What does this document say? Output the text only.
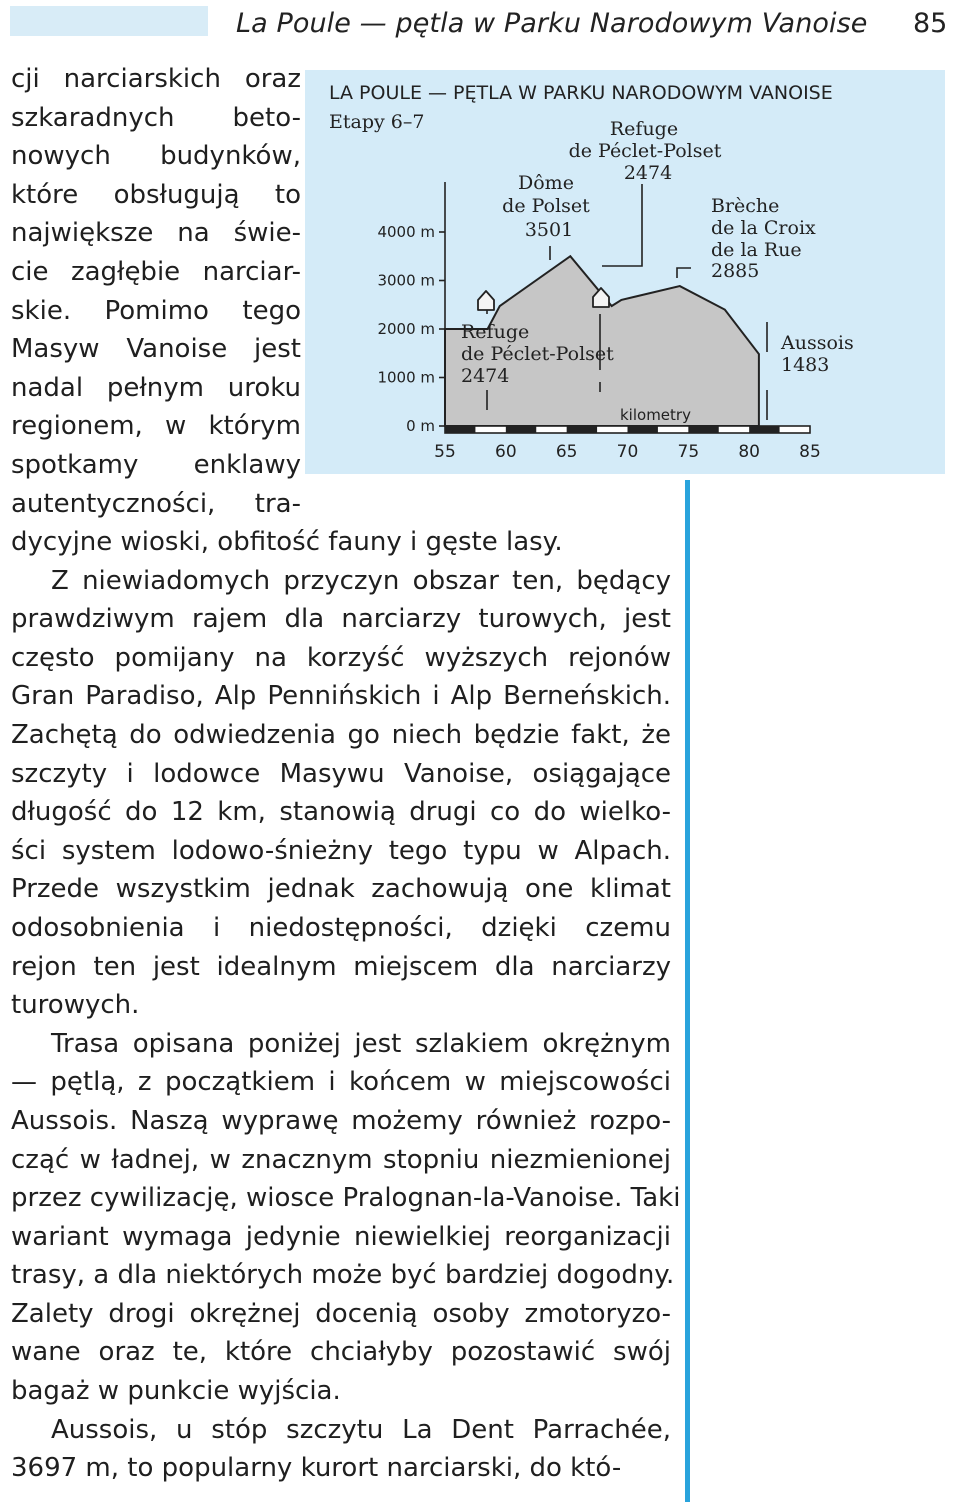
La Poule — pętla w Parku Narodowym Vanoise 85
LA POULE — PĘTLA W PARKU NARODOWYM VANOISE
Etapy 6–7
55 60 65 70 75 80 85
0 m
1000 m
2000 m
3000 m
4000 m
Refuge de Péclet-Polset 2474
Dôme de Polset 3501
Brèche de la Croix de la Rue 2885
Aussois 1483
Refuge de Péclet-Polset 2474
kilometry
cji narciarskich oraz
szkaradnych beto-
nowych budynków,
które obsługują to
największe na świe-
cie zagłębie narciar-
skie. Pomimo tego
Masyw Vanoise jest
nadal pełnym uroku
regionem, w którym
spotkamy enklawy
autentyczności, tra-
dycyjne wioski, obfitość fauny i gęste lasy.
Z niewiadomych przyczyn obszar ten, będący
prawdziwym rajem dla narciarzy turowych, jest
często pomijany na korzyść wyższych rejonów
Gran Paradiso, Alp Pennińskich i Alp Berneńskich.
Zachętą do odwiedzenia go niech będzie fakt, że
szczyty i lodowce Masywu Vanoise, osiągające
długość do 12 km, stanowią drugi co do wielko-
ści system lodowo-śnieżny tego typu w Alpach.
Przede wszystkim jednak zachowują one klimat
odosobnienia i niedostępności, dzięki czemu
rejon ten jest idealnym miejscem dla narciarzy
turowych.
Trasa opisana poniżej jest szlakiem okrężnym
— pętlą, z początkiem i końcem w miejscowości
Aussois. Naszą wyprawę możemy również rozpo-
cząć w ładnej, w znacznym stopniu niezmienionej
przez cywilizację, wiosce Pralognan-la-Vanoise. Taki
wariant wymaga jedynie niewielkiej reorganizacji
trasy, a dla niektórych może być bardziej dogodny.
Zalety drogi okrężnej docenią osoby zmotoryzo-
wane oraz te, które chciałyby pozostawić swój
bagaż w punkcie wyjścia.
Aussois, u stóp szczytu La Dent Parrachée,
3697 m, to popularny kurort narciarski, do któ-
